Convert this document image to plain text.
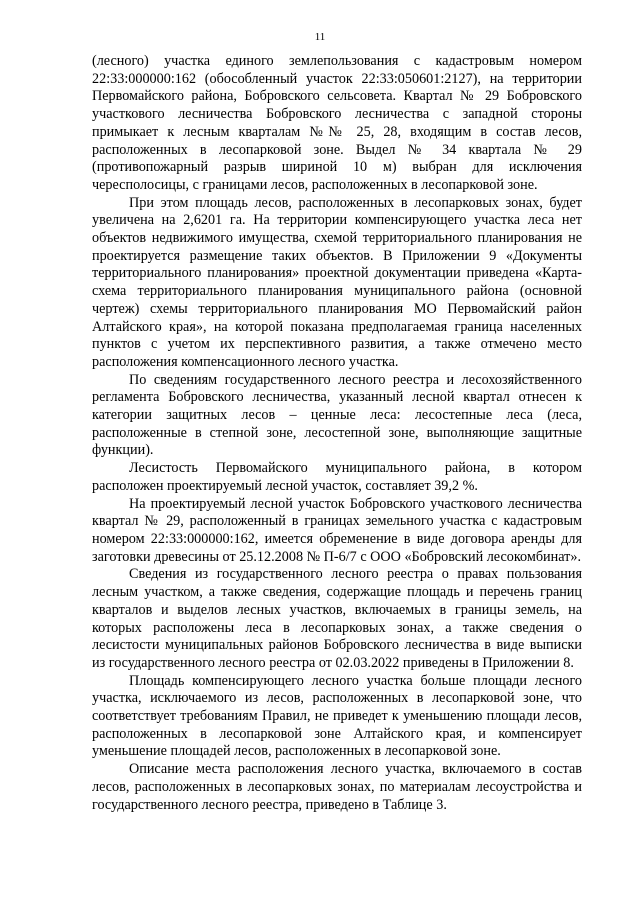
11

(лесного) участка единого землепользования с кадастровым номером 22:33:000000:162 (обособленный участок 22:33:050601:2127), на территории Первомайского района, Бобровского сельсовета. Квартал № 29 Бобровского участкового лесничества Бобровского лесничества с западной стороны примыкает к лесным кварталам №№ 25, 28, входящим в состав лесов, расположенных в лесопарковой зоне. Выдел № 34 квартала № 29 (противопожарный разрыв шириной 10 м) выбран для исключения чересполосицы, с границами лесов, расположенных в лесопарковой зоне.

При этом площадь лесов, расположенных в лесопарковых зонах, будет увеличена на 2,6201 га. На территории компенсирующего участка леса нет объектов недвижимого имущества, схемой территориального планирования не проектируется размещение таких объектов. В Приложении 9 «Документы территориального планирования» проектной документации приведена «Карта-схема территориального планирования муниципального района (основной чертеж) схемы территориального планирования МО Первомайский район Алтайского края», на которой показана предполагаемая граница населенных пунктов с учетом их перспективного развития, а также отмечено место расположения компенсационного лесного участка.

По сведениям государственного лесного реестра и лесохозяйственного регламента Бобровского лесничества, указанный лесной квартал отнесен к категории защитных лесов – ценные леса: лесостепные леса (леса, расположенные в степной зоне, лесостепной зоне, выполняющие защитные функции).

Лесистость Первомайского муниципального района, в котором расположен проектируемый лесной участок, составляет 39,2 %.

На проектируемый лесной участок Бобровского участкового лесничества квартал № 29, расположенный в границах земельного участка с кадастровым номером 22:33:000000:162, имеется обременение в виде договора аренды для заготовки древесины от 25.12.2008 № П-6/7 с ООО «Бобровский лесокомбинат».

Сведения из государственного лесного реестра о правах пользования лесным участком, а также сведения, содержащие площадь и перечень границ кварталов и выделов лесных участков, включаемых в границы земель, на которых расположены леса в лесопарковых зонах, а также сведения о лесистости муниципальных районов Бобровского лесничества в виде выписки из государственного лесного реестра от 02.03.2022 приведены в Приложении 8.

Площадь компенсирующего лесного участка больше площади лесного участка, исключаемого из лесов, расположенных в лесопарковой зоне, что соответствует требованиям Правил, не приведет к уменьшению площади лесов, расположенных в лесопарковой зоне Алтайского края, и компенсирует уменьшение площадей лесов, расположенных в лесопарковой зоне.

Описание места расположения лесного участка, включаемого в состав лесов, расположенных в лесопарковых зонах, по материалам лесоустройства и государственного лесного реестра, приведено в Таблице 3.
